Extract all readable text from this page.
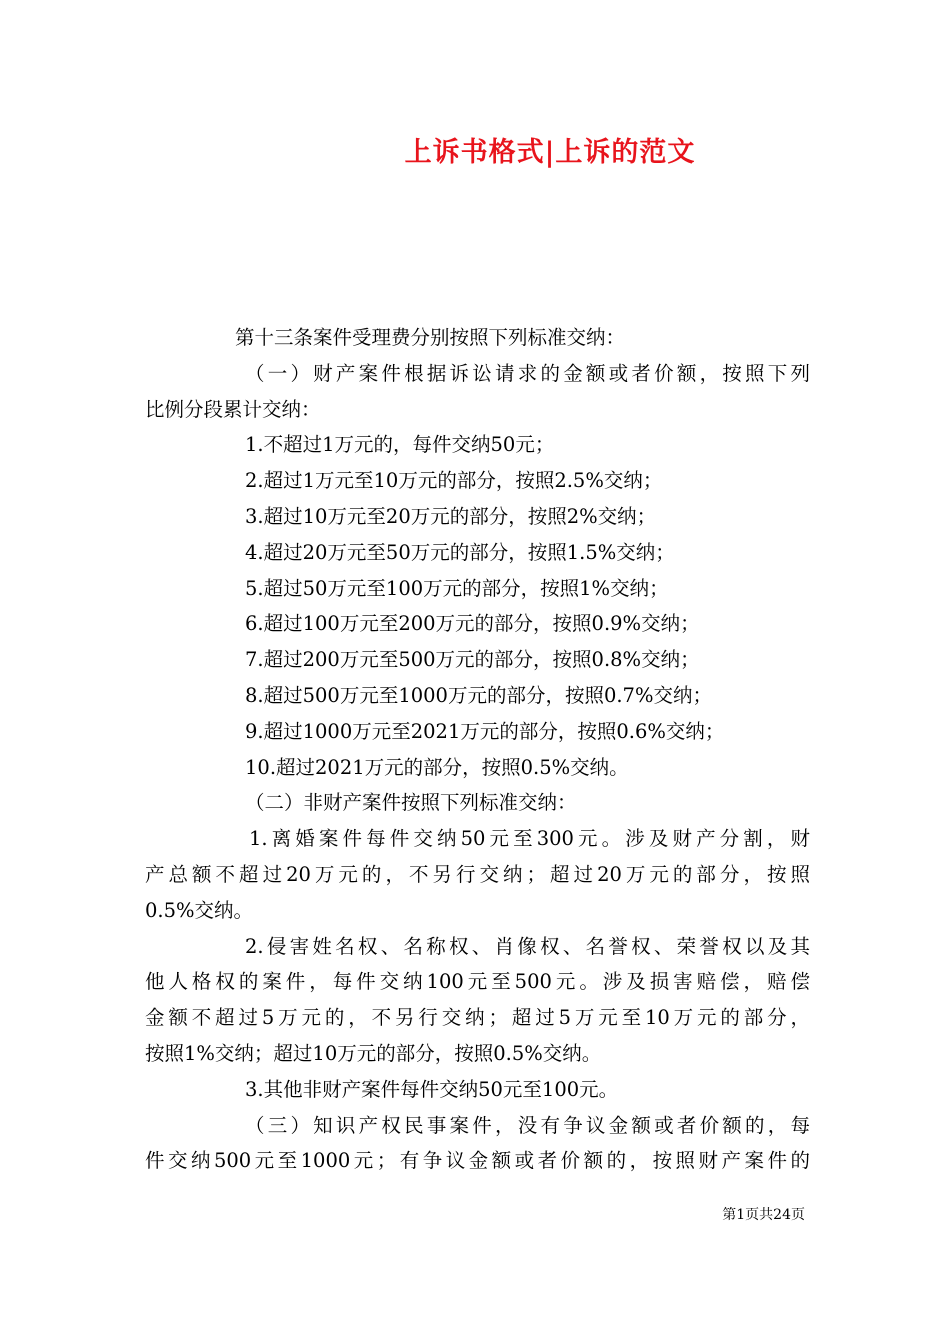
上诉书格式|上诉的范文
第十三条案件受理费分别按照下列标准交纳：
（一）财产案件根据诉讼请求的金额或者价额，按照下列
比例分段累计交纳：
1.不超过1万元的，每件交纳50元；
2.超过1万元至10万元的部分，按照2.5%交纳；
3.超过10万元至20万元的部分，按照2%交纳；
4.超过20万元至50万元的部分，按照1.5%交纳；
5.超过50万元至100万元的部分，按照1%交纳；
6.超过100万元至200万元的部分，按照0.9%交纳；
7.超过200万元至500万元的部分，按照0.8%交纳；
8.超过500万元至1000万元的部分，按照0.7%交纳；
9.超过1000万元至2021万元的部分，按照0.6%交纳；
10.超过2021万元的部分，按照0.5%交纳。
（二）非财产案件按照下列标准交纳：
1.离婚案件每件交纳50元至300元。涉及财产分割，财
产总额不超过20万元的，不另行交纳；超过20万元的部分，按照
0.5%交纳。
2.侵害姓名权、名称权、肖像权、名誉权、荣誉权以及其
他人格权的案件，每件交纳100元至500元。涉及损害赔偿，赔偿
金额不超过5万元的，不另行交纳；超过5万元至10万元的部分，
按照1%交纳；超过10万元的部分，按照0.5%交纳。
3.其他非财产案件每件交纳50元至100元。
（三）知识产权民事案件，没有争议金额或者价额的，每
件交纳500元至1000元；有争议金额或者价额的，按照财产案件的
第1页共24页
